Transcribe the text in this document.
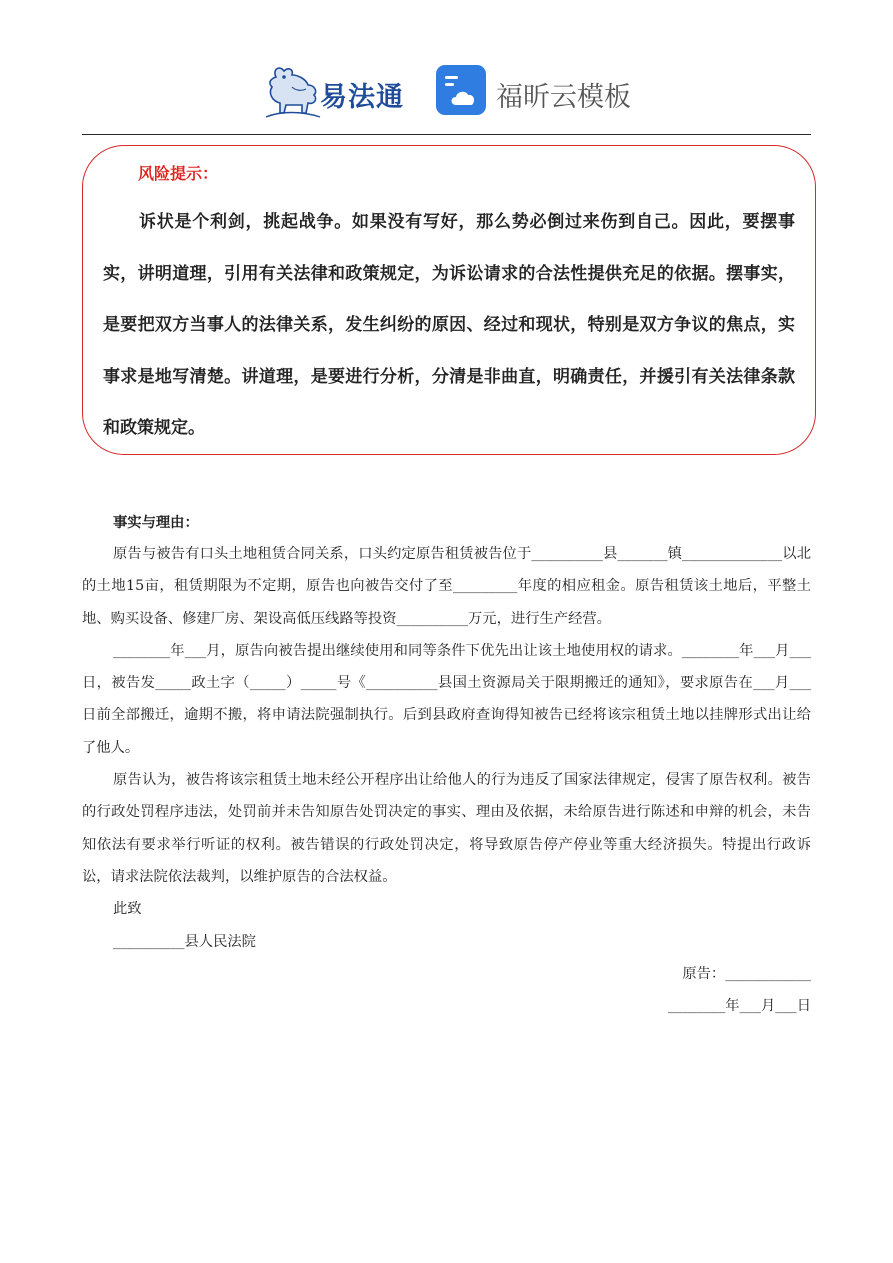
易法通	福昕云模板
风险提示：

诉状是个利剑，挑起战争。如果没有写好，那么势必倒过来伤到自己。因此，要摆事实，讲明道理，引用有关法律和政策规定，为诉讼请求的合法性提供充足的依据。摆事实，是要把双方当事人的法律关系，发生纠纷的原因、经过和现状，特别是双方争议的焦点，实事求是地写清楚。讲道理，是要进行分析，分清是非曲直，明确责任，并援引有关法律条款和政策规定。

事实与理由：

原告与被告有口头土地租赁合同关系，口头约定原告租赁被告位于__________县_______镇______________以北的土地15亩，租赁期限为不定期，原告也向被告交付了至_________年度的相应租金。原告租赁该土地后，平整土地、购买设备、修建厂房、架设高低压线路等投资__________万元，进行生产经营。

________年___月，原告向被告提出继续使用和同等条件下优先出让该土地使用权的请求。________年___月___日，被告发_____政土字（_____）_____号《__________县国土资源局关于限期搬迁的通知》，要求原告在___月___日前全部搬迁，逾期不搬，将申请法院强制执行。后到县政府查询得知被告已经将该宗租赁土地以挂牌形式出让给了他人。

原告认为，被告将该宗租赁土地未经公开程序出让给他人的行为违反了国家法律规定，侵害了原告权利。被告的行政处罚程序违法，处罚前并未告知原告处罚决定的事实、理由及依据，未给原告进行陈述和申辩的机会，未告知依法有要求举行听证的权利。被告错误的行政处罚决定，将导致原告停产停业等重大经济损失。特提出行政诉讼，请求法院依法裁判，以维护原告的合法权益。

此致

__________县人民法院

原告：____________

________年___月___日
